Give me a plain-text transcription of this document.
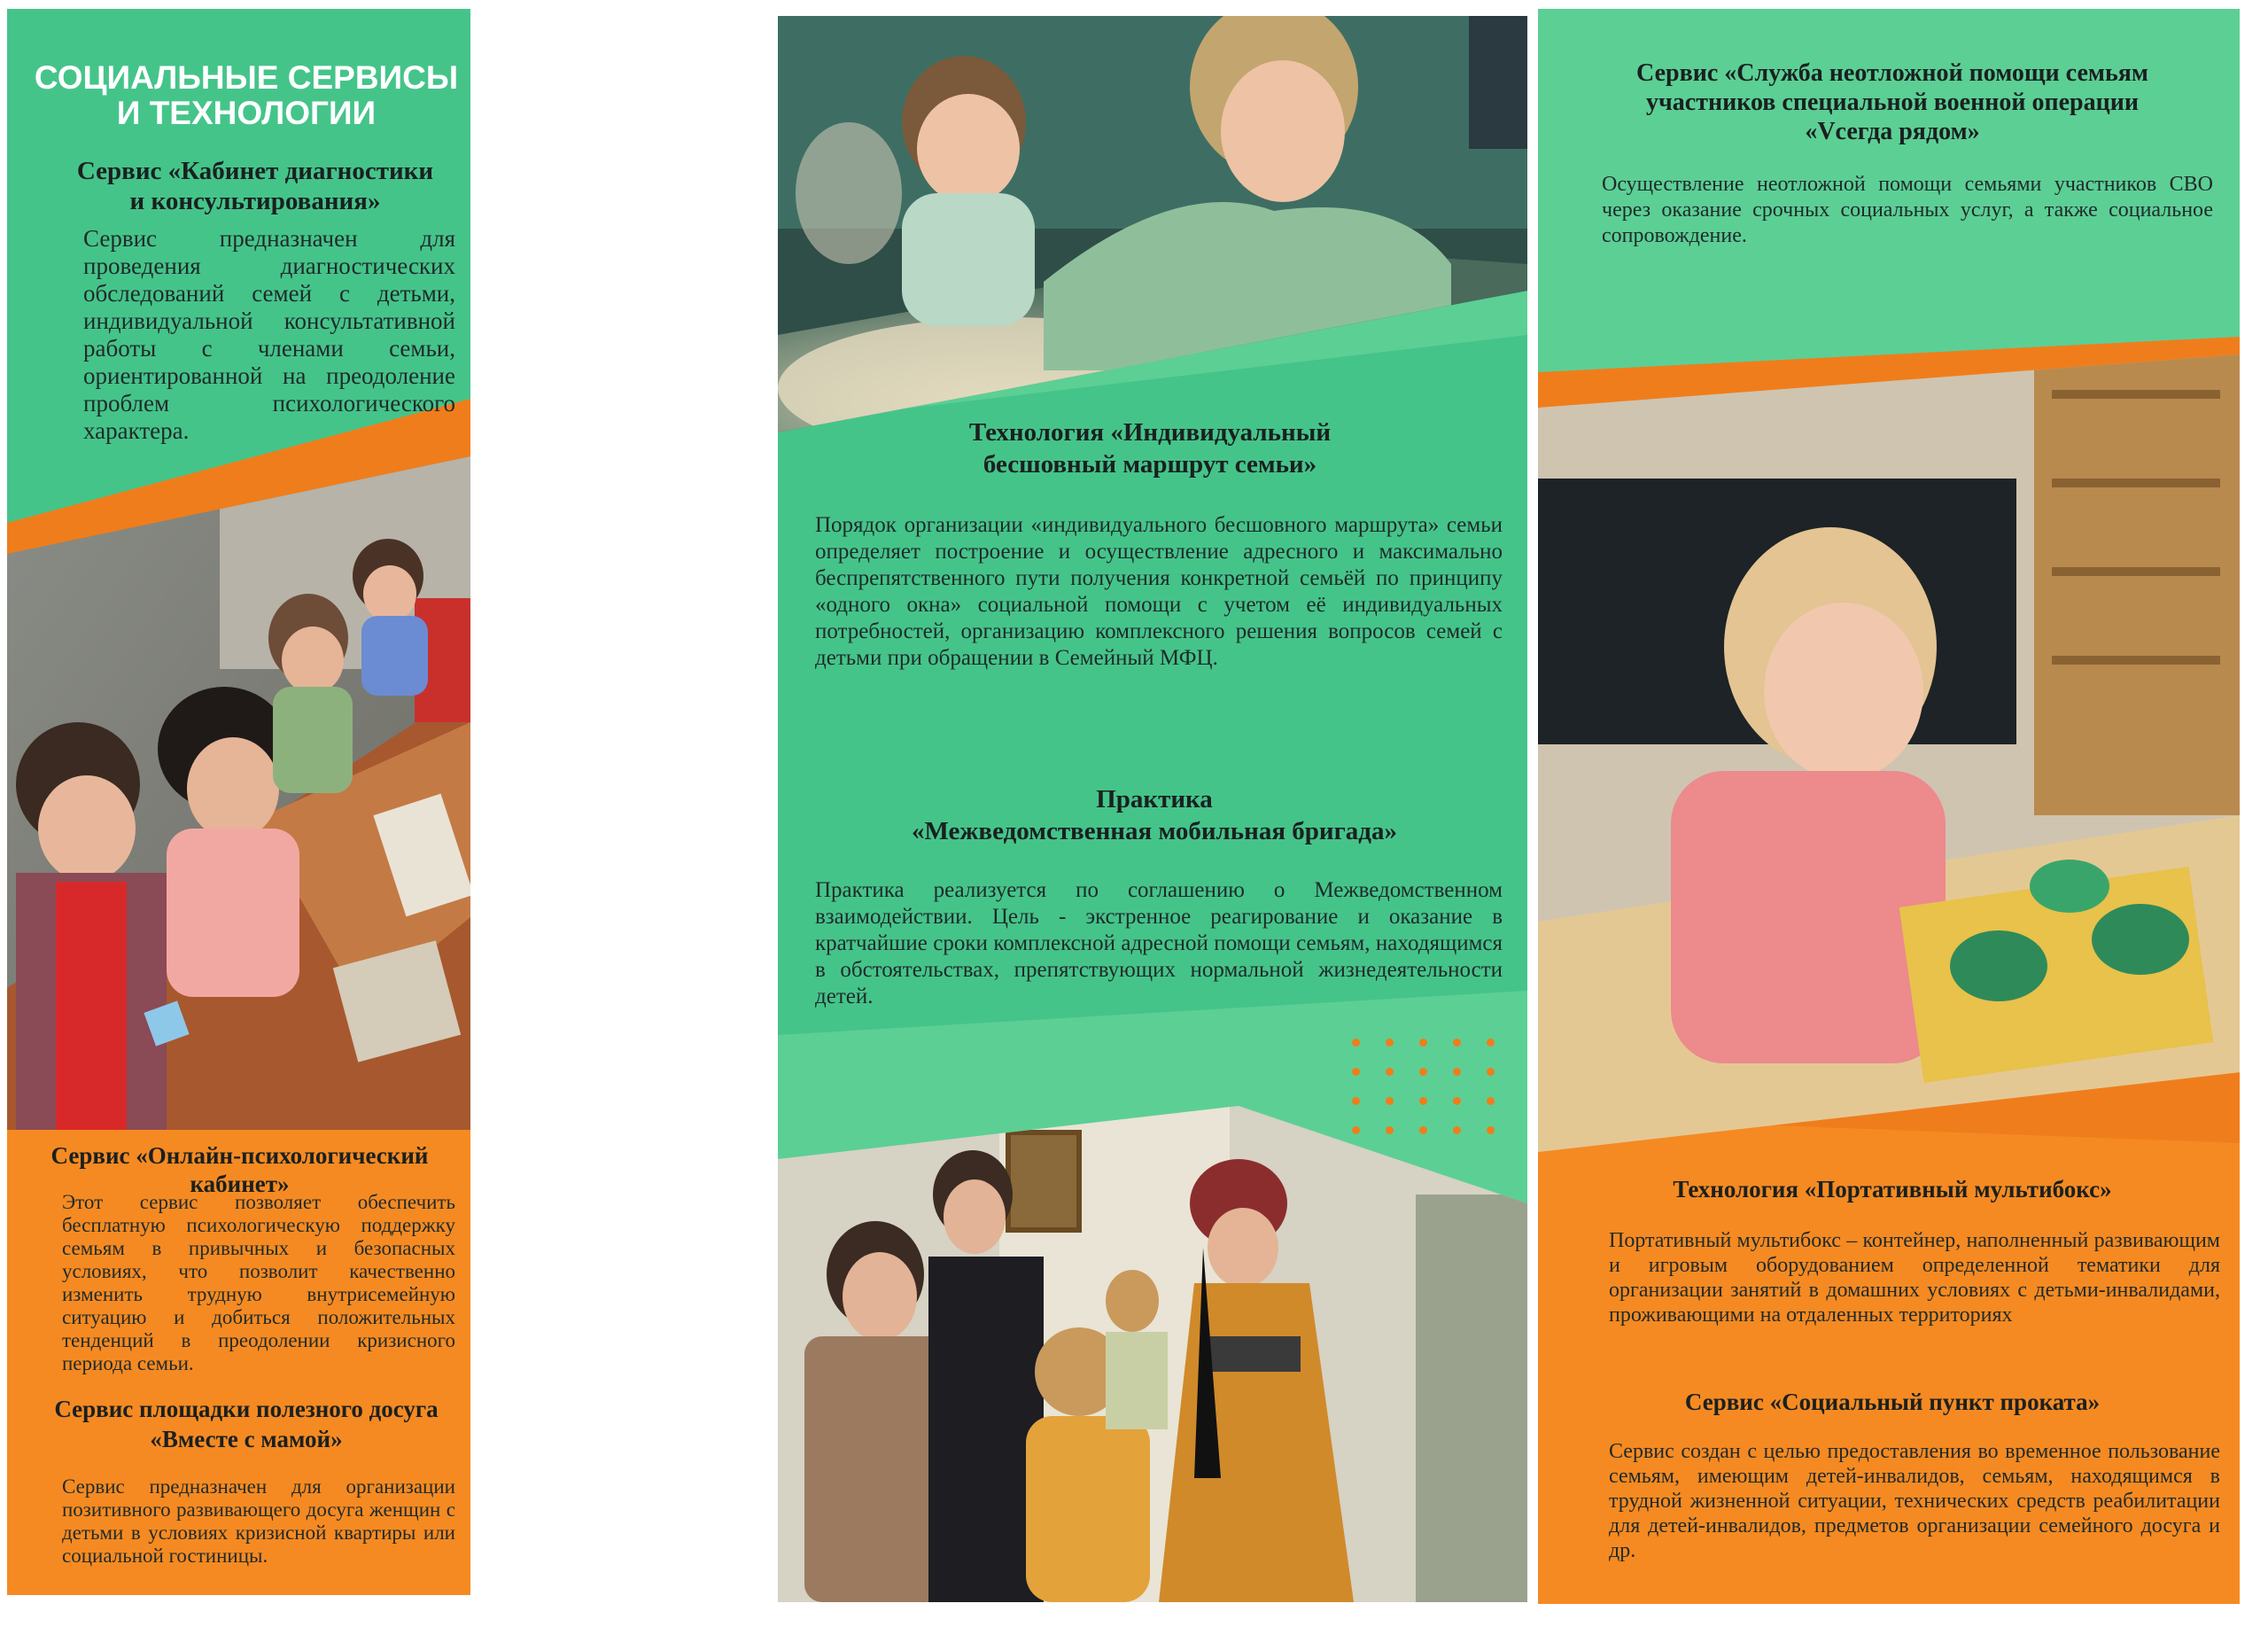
СОЦИАЛЬНЫЕ СЕРВИСЫ
И ТЕХНОЛОГИИ
Сервис «Кабинет диагностики
и консультирования»
Сервис предназначен для проведения диагностических обследований семей с детьми, индивидуальной консультативной работы с членами семьи, ориентированной на преодоление проблем психологического характера.
Сервис «Онлайн-психологический кабинет»
Этот сервис позволяет обеспечить бесплатную психологическую поддержку семьям в привычных и безопасных условиях, что позволит качественно изменить трудную внутрисемейную ситуацию и добиться положительных тенденций в преодолении кризисного периода семьи.
Сервис площадки полезного досуга
«Вместе с мамой»
Сервис предназначен для организации позитивного развивающего досуга женщин с детьми в условиях кризисной квартиры или социальной гостиницы.
Технология «Индивидуальный
бесшовный маршрут семьи»
Порядок организации «индивидуального бесшовного маршрута» семьи определяет построение и осуществление адресного и максимально беспрепятственного пути получения конкретной семьёй по принципу «одного окна» социальной помощи с учетом её индивидуальных потребностей, организацию комплексного решения вопросов семей с детьми при обращении в Семейный МФЦ.
Практика
«Межведомственная мобильная бригада»
Практика реализуется по соглашению о Межведомственном взаимодействии. Цель - экстренное реагирование и оказание в кратчайшие сроки комплексной адресной помощи семьям, находящимся в обстоятельствах, препятствующих нормальной жизнедеятельности детей.
Сервис «Служба неотложной помощи семьям
участников специальной военной операции
«Vсегда рядом»
Осуществление неотложной помощи семьями участников СВО через оказание срочных социальных услуг, а также социальное сопровождение.
Технология «Портативный мультибокс»
Портативный мультибокс – контейнер, наполненный развивающим и игровым оборудованием определенной тематики для организации занятий в домашних условиях с детьми-инвалидами, проживающими на отдаленных территориях
Сервис «Социальный пункт проката»
Сервис создан с целью предоставления во временное пользование семьям, имеющим детей-инвалидов, семьям, находящимся в трудной жизненной ситуации, технических средств реабилитации для детей-инвалидов, предметов организации семейного досуга и др.
